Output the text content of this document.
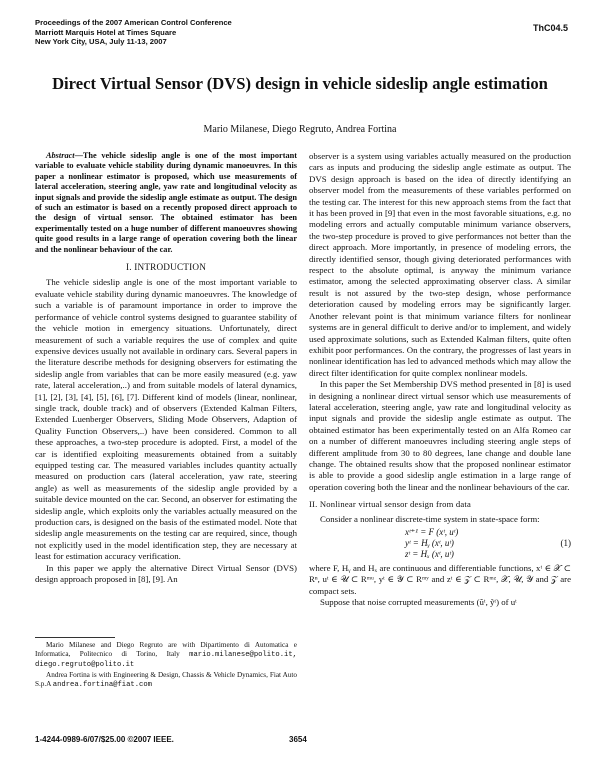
Proceedings of the 2007 American Control Conference
Marriott Marquis Hotel at Times Square
New York City, USA, July 11-13, 2007
ThC04.5
Direct Virtual Sensor (DVS) design in vehicle sideslip angle estimation
Mario Milanese, Diego Regruto, Andrea Fortina

Abstract—The vehicle sideslip angle is one of the most important variable to evaluate vehicle stability during dynamic manoeuvres. In this paper a nonlinear estimator is proposed, which use measurements of lateral acceleration, steering angle, yaw rate and longitudinal velocity as input signals and provide the sideslip angle estimate as output. The design of such an estimator is based on a recently proposed direct approach to the design of virtual sensor. The obtained estimator has been experimentally tested on a huge number of different manoeuvres showing quite good results in a large range of operation covering both the linear and the nonlinear behaviour of the car.

I. INTRODUCTION

The vehicle sideslip angle is one of the most important variable to evaluate vehicle stability during dynamic manoeuvres. The knowledge of such a variable is of paramount importance in order to improve the performance of vehicle control systems designed to guarantee stability of the vehicle motion in emergency situations. Unfortunately, direct measurement of such a variable requires the use of complex and quite expensive devices usually not available in ordinary cars. Several papers in the literature describe methods for designing observers for estimating the sideslip angle from variables that can be more easily measured (e.g. yaw rate, lateral acceleration,..) and from suitable models of lateral dynamics, [1], [2], [3], [4], [5], [6], [7]. Different kind of models (linear, nonlinear, single track, double track) and of observers (Extended Kalman Filters, Extended Luenberger Observers, Sliding Mode Observers, Adaption of Quality Function Observers,..) have been considered. Common to all these approaches, a two-step procedure is adopted. First, a model of the car is identified exploiting measurements obtained from a suitably equipped testing car. The measured variables includes quantity actually measured on production cars (lateral acceleration, yaw rate, steering angle) as well as measurements of the sideslip angle provided by a suitable device mounted on the car. Second, an observer for estimating the sideslip angle, which exploits only the variables actually measured on the production cars, is designed on the basis of the estimated model. Note that sideslip angle measurements on the testing car are required, since, though not explicitly used in the model identification step, they are necessary at least for estimation accuracy verification.

In this paper we apply the alternative Direct Virtual Sensor (DVS) design approach proposed in [8], [9]. An

Mario Milanese and Diego Regruto are with Dipartimento di Automatica e Informatica, Politecnico di Torino, Italy mario.milanese@polito.it, diego.regruto@polito.it

Andrea Fortina is with Engineering & Design, Chassis & Vehicle Dynamics, Fiat Auto S.p.A andrea.fortina@fiat.com

observer is a system using variables actually measured on the production cars as inputs and producing the sideslip angle estimate as output. The DVS design approach is based on the idea of directly identifying an observer model from the measurements of these variables performed on the testing car. The interest for this new approach stems from the fact that it has been proved in [9] that even in the most favorable situations, e.g. no modeling errors and actually computable minimum variance observers, the two-step procedure is proved to give performances not better than the direct approach. More importantly, in presence of modeling errors, the directly identified sensor, though giving deteriorated performances with respect to the absolute optimal, is anyway the minimum variance estimator, among the selected approximating observer class. A similar result is not assured by the two-step design, whose performance deterioration caused by modeling errors may be significantly larger. Another relevant point is that minimum variance filters for nonlinear systems are in general difficult to derive and/or to implement, and widely used approximate solutions, such as Extended Kalman filters, quite often exhibit poor performances. On the contrary, the progresses of last years in nonlinear identification has led to advanced methods which may allow the direct filter identification for quite complex nonlinear models.

In this paper the Set Membership DVS method presented in [8] is used in designing a nonlinear direct virtual sensor which use measurements of lateral acceleration, steering angle, yaw rate and longitudinal velocity as input signals and provide the sideslip angle estimate as output. The obtained estimator has been experimentally tested on an Alfa Romeo car on a number of different manoeuvres including steering angle steps of different amplitude from 30 to 80 degrees, lane change and double lane change. The obtained results show that the proposed nonlinear estimator is able to provide a good sideslip angle estimation in a large range of operation covering both the linear and the nonlinear behaviours of the car.

II. Nonlinear virtual sensor design from data

Consider a nonlinear discrete-time system in state-space form:

xᵗ⁺¹ = F (xᵗ, uᵗ)
yᵗ = Hᵧ (xᵗ, uᵗ)
zᵗ = Hₓ (xᵗ, uᵗ)
(1)

where F, Hᵧ and Hₓ are continuous and differentiable functions, xᵗ ∈ 𝒳 ⊂ Rⁿ, uᵗ ∈ 𝒰 ⊂ Rᵐᵘ, yᵗ ∈ 𝒴 ⊂ Rᵐʸ and zᵗ ∈ 𝒵 ⊂ Rᵐᶻ, 𝒳, 𝒰, 𝒴 and 𝒵 are compact sets.

Suppose that noise corrupted measurements (ũᵗ, ỹᵗ) of uᵗ

1-4244-0989-6/07/$25.00 ©2007 IEEE.	3654
